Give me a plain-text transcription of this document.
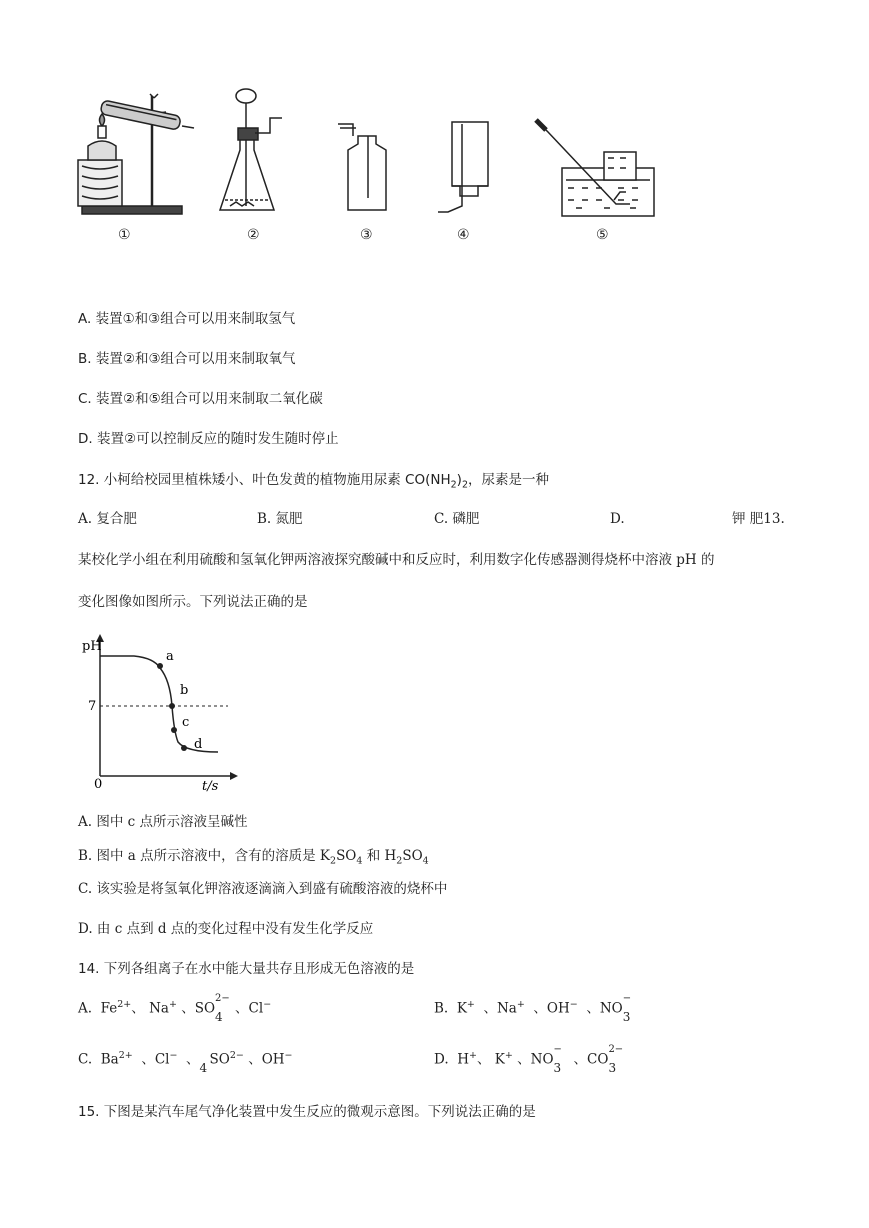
①	②	③	④	⑤
A. 装置①和③组合可以用来制取氢气
B. 装置②和③组合可以用来制取氧气
C. 装置②和⑤组合可以用来制取二氧化碳
D. 装置②可以控制反应的随时发生随时停止
12. 小柯给校园里植株矮小、叶色发黄的植物施用尿素 $CO(NH_2)_2$，尿素是一种
A. 复合肥	B. 氮肥	C. 磷肥	D.	钾 肥13.
某校化学小组在利用硫酸和氢氧化钾两溶液探究酸碱中和反应时，利用数字化传感器测得烧杯中溶液 pH 的
变化图像如图所示。下列说法正确的是
pH
0	t/s
7
a
b
c
d
A. 图中 c 点所示溶液呈碱性
B. 图中 a 点所示溶液中，含有的溶质是 $K_2SO_4$ 和 $H_2SO_4$
C. 该实验是将氢氧化钾溶液逐滴滴入到盛有硫酸溶液的烧杯中
D. 由 c 点到 d 点的变化过程中没有发生化学反应
14. 下列各组离子在水中能大量共存且形成无色溶液的是
A. $Fe^{2+}$、 Na+ 、SO
2−
4 、Cl−	B. K+ 、Na+ 、OH− 、NO
−
3
C. $Ba^{2+}$ 、Cl− 、 4 $SO^{2-}$ 、OH−	D. H+、 K+ 、NO
−
3 、CO
2−
3
15. 下图是某汽车尾气净化装置中发生反应的微观示意图。下列说法正确的是
